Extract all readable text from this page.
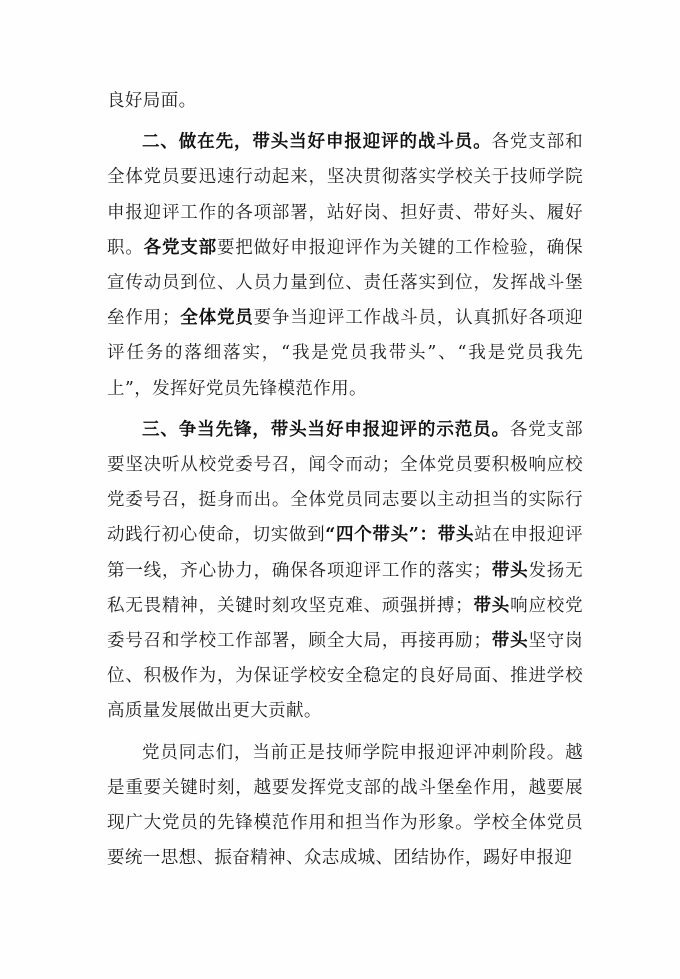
良好局面。

二、做在先，带头当好申报迎评的战斗员。各党支部和全体党员要迅速行动起来，坚决贯彻落实学校关于技师学院申报迎评工作的各项部署，站好岗、担好责、带好头、履好职。各党支部要把做好申报迎评作为关键的工作检验，确保宣传动员到位、人员力量到位、责任落实到位，发挥战斗堡垒作用；全体党员要争当迎评工作战斗员，认真抓好各项迎评任务的落细落实，“我是党员我带头”、“我是党员我先上”，发挥好党员先锋模范作用。

三、争当先锋，带头当好申报迎评的示范员。各党支部要坚决听从校党委号召，闻令而动；全体党员要积极响应校党委号召，挺身而出。全体党员同志要以主动担当的实际行动践行初心使命，切实做到“四个带头”：带头站在申报迎评第一线，齐心协力，确保各项迎评工作的落实；带头发扬无私无畏精神，关键时刻攻坚克难、顽强拼搏；带头响应校党委号召和学校工作部署，顾全大局，再接再励；带头坚守岗位、积极作为，为保证学校安全稳定的良好局面、推进学校高质量发展做出更大贡献。

党员同志们，当前正是技师学院申报迎评冲刺阶段。越是重要关键时刻，越要发挥党支部的战斗堡垒作用，越要展现广大党员的先锋模范作用和担当作为形象。学校全体党员要统一思想、振奋精神、众志成城、团结协作，踢好申报迎
